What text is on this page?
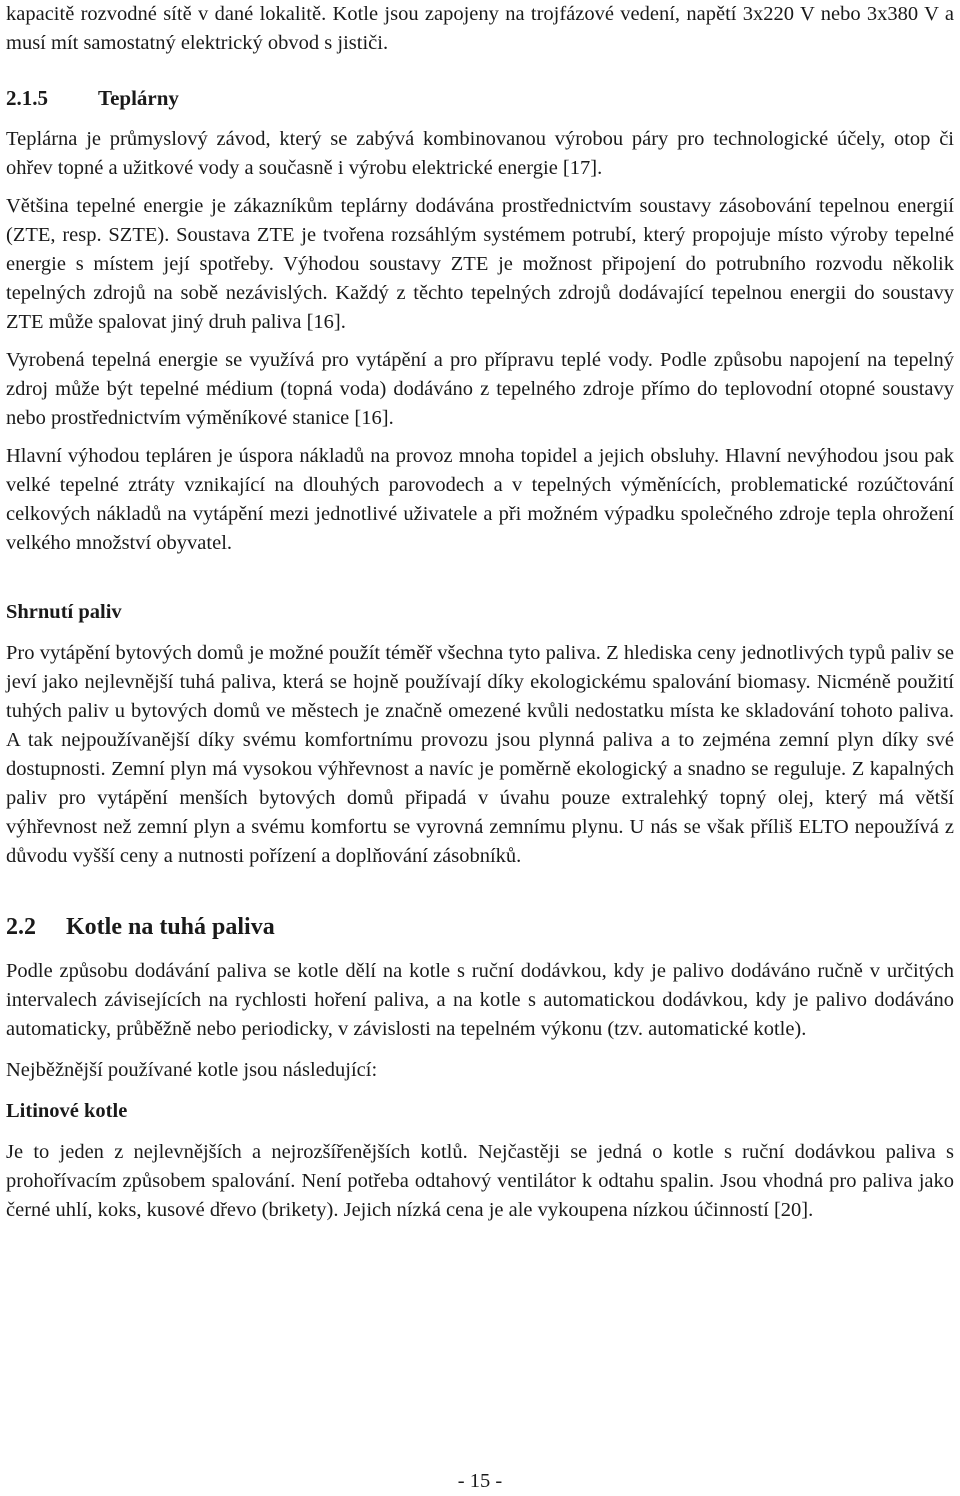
kapacitě rozvodné sítě v dané lokalitě. Kotle jsou zapojeny na trojfázové vedení, napětí 3x220 V nebo 3x380 V a musí mít samostatný elektrický obvod s jističi.

2.1.5 Teplárny

Teplárna je průmyslový závod, který se zabývá kombinovanou výrobou páry pro technologické účely, otop či ohřev topné a užitkové vody a současně i výrobu elektrické energie [17].

Většina tepelné energie je zákazníkům teplárny dodávána prostřednictvím soustavy zásobování tepelnou energií (ZTE, resp. SZTE). Soustava ZTE je tvořena rozsáhlým systémem potrubí, který propojuje místo výroby tepelné energie s místem její spotřeby. Výhodou soustavy ZTE je možnost připojení do potrubního rozvodu několik tepelných zdrojů na sobě nezávislých. Každý z těchto tepelných zdrojů dodávající tepelnou energii do soustavy ZTE může spalovat jiný druh paliva [16].

Vyrobená tepelná energie se využívá pro vytápění a pro přípravu teplé vody. Podle způsobu napojení na tepelný zdroj může být tepelné médium (topná voda) dodáváno z tepelného zdroje přímo do teplovodní otopné soustavy nebo prostřednictvím výměníkové stanice [16].

Hlavní výhodou tepláren je úspora nákladů na provoz mnoha topidel a jejich obsluhy. Hlavní nevýhodou jsou pak velké tepelné ztráty vznikající na dlouhých parovodech a v tepelných výměnících, problematické rozúčtování celkových nákladů na vytápění mezi jednotlivé uživatele a při možném výpadku společného zdroje tepla ohrožení velkého množství obyvatel.

Shrnutí paliv

Pro vytápění bytových domů je možné použít téměř všechna tyto paliva. Z hlediska ceny jednotlivých typů paliv se jeví jako nejlevnější tuhá paliva, která se hojně používají díky ekologickému spalování biomasy. Nicméně použití tuhých paliv u bytových domů ve městech je značně omezené kvůli nedostatku místa ke skladování tohoto paliva. A tak nejpoužívanější díky svému komfortnímu provozu jsou plynná paliva a to zejména zemní plyn díky své dostupnosti. Zemní plyn má vysokou výhřevnost a navíc je poměrně ekologický a snadno se reguluje. Z kapalných paliv pro vytápění menších bytových domů připadá v úvahu pouze extralehký topný olej, který má větší výhřevnost než zemní plyn a svému komfortu se vyrovná zemnímu plynu. U nás se však příliš ELTO nepoužívá z důvodu vyšší ceny a nutnosti pořízení a doplňování zásobníků.

2.2 Kotle na tuhá paliva

Podle způsobu dodávání paliva se kotle dělí na kotle s ruční dodávkou, kdy je palivo dodáváno ručně v určitých intervalech závisejících na rychlosti hoření paliva, a na kotle s automatickou dodávkou, kdy je palivo dodáváno automaticky, průběžně nebo periodicky, v závislosti na tepelném výkonu (tzv. automatické kotle).

Nejběžnější používané kotle jsou následující:

Litinové kotle

Je to jeden z nejlevnějších a nejrozšířenějších kotlů. Nejčastěji se jedná o kotle s ruční dodávkou paliva s prohořívacím způsobem spalování. Není potřeba odtahový ventilátor k odtahu spalin. Jsou vhodná pro paliva jako černé uhlí, koks, kusové dřevo (brikety). Jejich nízká cena je ale vykoupena nízkou účinností [20].

- 15 -
